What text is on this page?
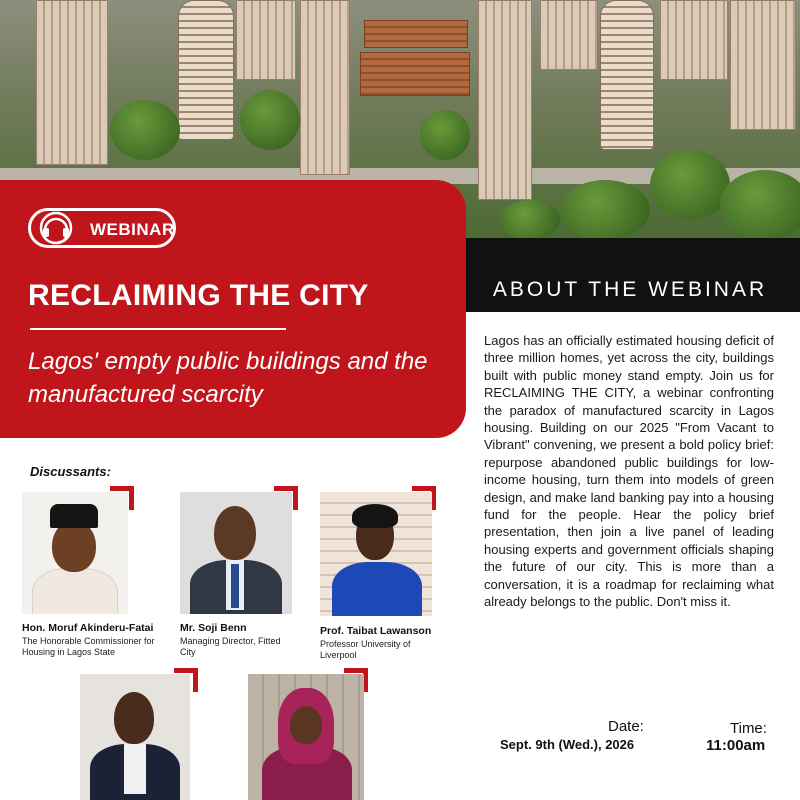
ABOUT THE WEBINAR
WEBINAR
RECLAIMING THE CITY
Lagos' empty public buildings and the manufactured scarcity
Lagos has an officially estimated housing deficit of three million homes, yet across the city, buildings built with public money stand empty. Join us for RECLAIMING THE CITY, a webinar confronting the paradox of manufactured scarcity in Lagos housing. Building on our 2025 "From Vacant to Vibrant" convening, we present a bold policy brief: repurpose abandoned public buildings for low-income housing, turn them into models of green design, and make land banking pay into a housing fund for the people. Hear the policy brief presentation, then join a live panel of leading housing experts and government officials shaping the future of our city. This is more than a conversation, it is a roadmap for reclaiming what already belongs to the public. Don't miss it.
Discussants:
Hon. Moruf Akinderu-Fatai
The Honorable Commissioner for Housing in Lagos State
Mr. Soji Benn
Managing Director, Fitted City
Prof. Taibat Lawanson
Professor University of Liverpool
Date:
Sept. 9th (Wed.), 2026
Time:
11:00am
